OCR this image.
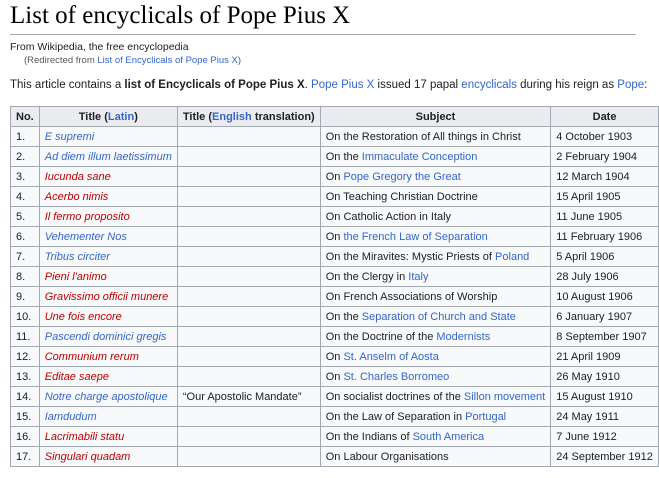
List of encyclicals of Pope Pius X
From Wikipedia, the free encyclopedia
(Redirected from List of Encyclicals of Pope Pius X)
This article contains a list of Encyclicals of Pope Pius X. Pope Pius X issued 17 papal encyclicals during his reign as Pope:
No.	Title (Latin)	Title (English translation)	Subject	Date
1.	E supremi		On the Restoration of All things in Christ	4 October 1903
2.	Ad diem illum laetissimum		On the Immaculate Conception	2 February 1904
3.	Iucunda sane		On Pope Gregory the Great	12 March 1904
4.	Acerbo nimis		On Teaching Christian Doctrine	15 April 1905
5.	Il fermo proposito		On Catholic Action in Italy	11 June 1905
6.	Vehementer Nos		On the French Law of Separation	11 February 1906
7.	Tribus circiter		On the Miravites: Mystic Priests of Poland	5 April 1906
8.	Pieni l'animo		On the Clergy in Italy	28 July 1906
9.	Gravissimo officii munere		On French Associations of Worship	10 August 1906
10.	Une fois encore		On the Separation of Church and State	6 January 1907
11.	Pascendi dominici gregis		On the Doctrine of the Modernists	8 September 1907
12.	Communium rerum		On St. Anselm of Aosta	21 April 1909
13.	Editae saepe		On St. Charles Borromeo	26 May 1910
14.	Notre charge apostolique	“Our Apostolic Mandate”	On socialist doctrines of the Sillon movement	15 August 1910
15.	Iamdudum		On the Law of Separation in Portugal	24 May 1911
16.	Lacrimabili statu		On the Indians of South America	7 June 1912
17.	Singulari quadam		On Labour Organisations	24 September 1912
